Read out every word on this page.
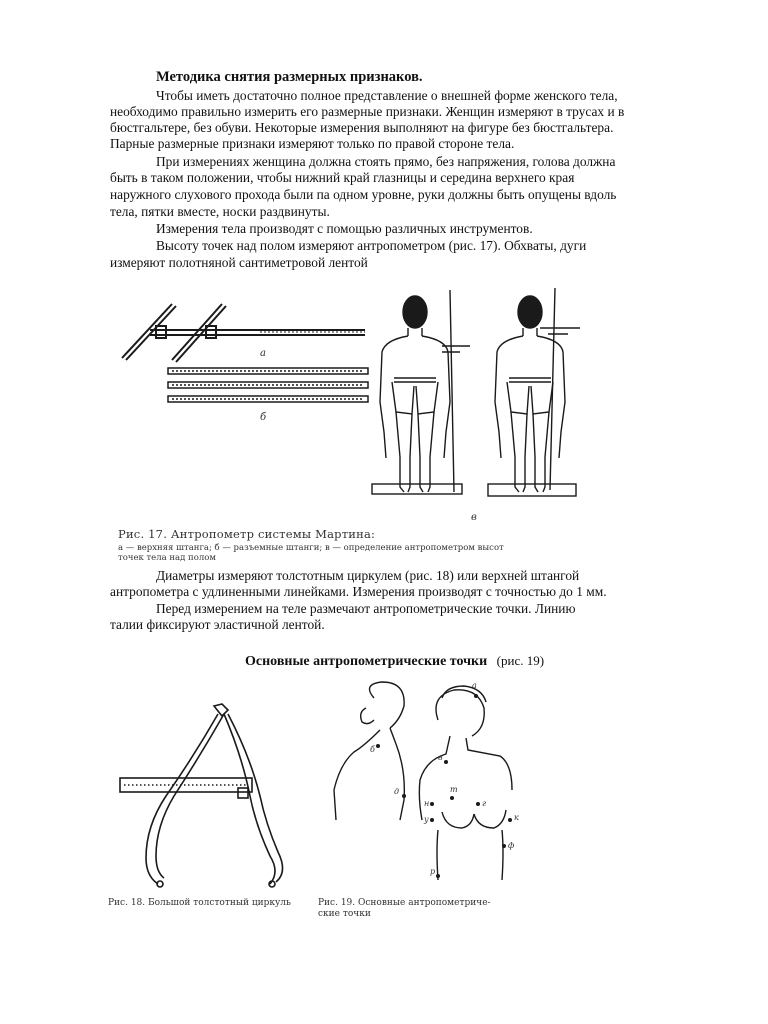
Методика снятия размерных признаков.
Чтобы иметь достаточно полное представление о внешней форме женского тела,
необходимо правильно измерить его размерные признаки. Женщин измеряют в трусах и в
бюстгальтере, без обуви. Некоторые измерения выполняют на фигуре без бюстгальтера.
Парные размерные признаки измеряют только по правой стороне тела.
При измерениях женщина должна стоять прямо, без напряжения, голова должна
быть в таком положении, чтобы нижний край глазницы и середина верхнего края
наружного слухового прохода были па одном уровне, руки должны быть опущены вдоль
тела, пятки вместе, носки раздвинуты.
Измерения тела производят с помощью различных инструментов.
Высоту точек над полом измеряют антропометром (рис. 17). Обхваты, дуги
измеряют полотняной сантиметровой лентой
а
б
в
Рис. 17. Антропометр системы Мартина:
а — верхняя штанга; б — разъемные штанги; в — определение антропометром высот
точек тела над полом
Диаметры измеряют толстотным циркулем (рис. 18) или верхней штангой
антропометра с удлиненными линейками. Измерения производят с точностью до 1 мм.
Перед измерением на теле размечают антропометрические точки. Линию
талии фиксируют эластичной лентой.
Основные антропометрические точки (рис. 19)
Рис. 18. Большой толстотный циркуль
а
б
в
г
д
н
у
т
к
ф
р
Рис. 19. Основные антропометриче-
ские точки
